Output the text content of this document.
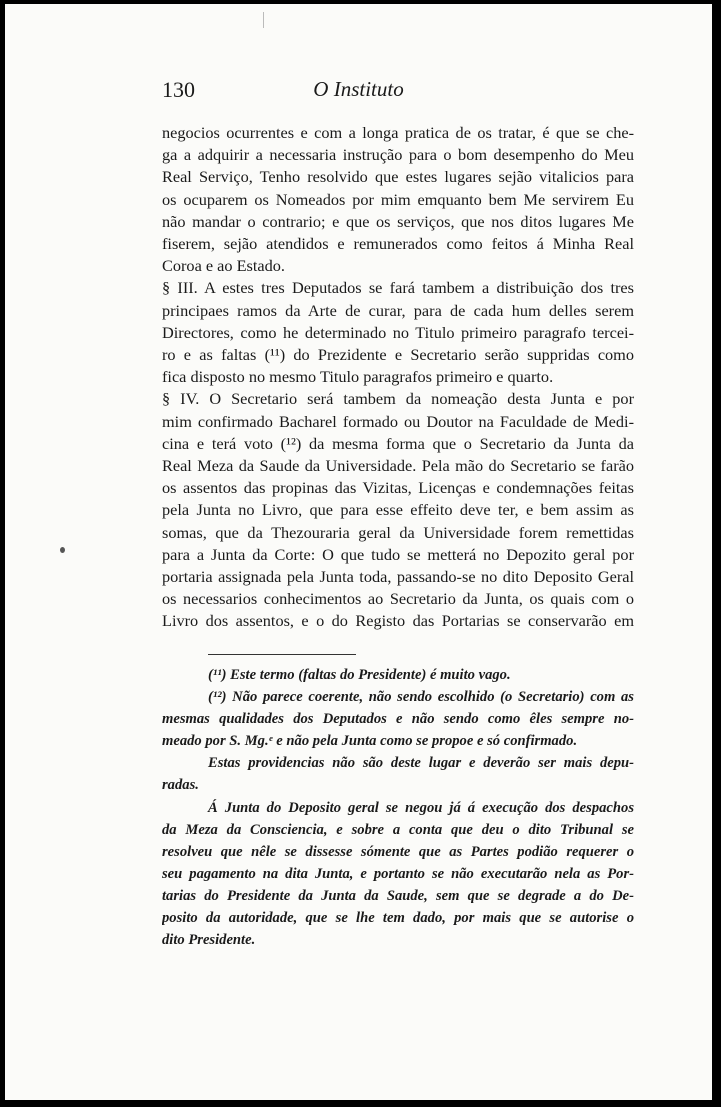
130	O Instituto
negocios ocurrentes e com a longa pratica de os tratar, é que se che-
ga a adquirir a necessaria instrução para o bom desempenho do Meu
Real Serviço, Tenho resolvido que estes lugares sejão vitalicios para
os ocuparem os Nomeados por mim emquanto bem Me servirem Eu
não mandar o contrario; e que os serviços, que nos ditos lugares Me
fiserem, sejão atendidos e remunerados como feitos á Minha Real
Coroa e ao Estado.
§ III. A estes tres Deputados se fará tambem a distribuição dos tres
principaes ramos da Arte de curar, para de cada hum delles serem
Directores, como he determinado no Titulo primeiro paragrafo tercei-
ro e as faltas (¹¹) do Prezidente e Secretario serão suppridas como
fica disposto no mesmo Titulo paragrafos primeiro e quarto.
§ IV. O Secretario será tambem da nomeação desta Junta e por
mim confirmado Bacharel formado ou Doutor na Faculdade de Medi-
cina e terá voto (¹²) da mesma forma que o Secretario da Junta da
Real Meza da Saude da Universidade. Pela mão do Secretario se farão
os assentos das propinas das Vizitas, Licenças e condemnações feitas
pela Junta no Livro, que para esse effeito deve ter, e bem assim as
somas, que da Thezouraria geral da Universidade forem remettidas
para a Junta da Corte: O que tudo se metterá no Depozito geral por
portaria assignada pela Junta toda, passando-se no dito Deposito Geral
os necessarios conhecimentos ao Secretario da Junta, os quais com o
Livro dos assentos, e o do Registo das Portarias se conservarão em
(¹¹) Este termo (faltas do Presidente) é muito vago.
(¹²) Não parece coerente, não sendo escolhido (o Secretario) com as
mesmas qualidades dos Deputados e não sendo como êles sempre no-
meado por S. Mg.ᵉ e não pela Junta como se propoe e só confirmado.
Estas providencias não são deste lugar e deverão ser mais depu-
radas.
Á Junta do Deposito geral se negou já á execução dos despachos
da Meza da Consciencia, e sobre a conta que deu o dito Tribunal se
resolveu que nêle se dissesse sómente que as Partes podião requerer o
seu pagamento na dita Junta, e portanto se não executarão nela as Por-
tarias do Presidente da Junta da Saude, sem que se degrade a do De-
posito da autoridade, que se lhe tem dado, por mais que se autorise o
dito Presidente.
